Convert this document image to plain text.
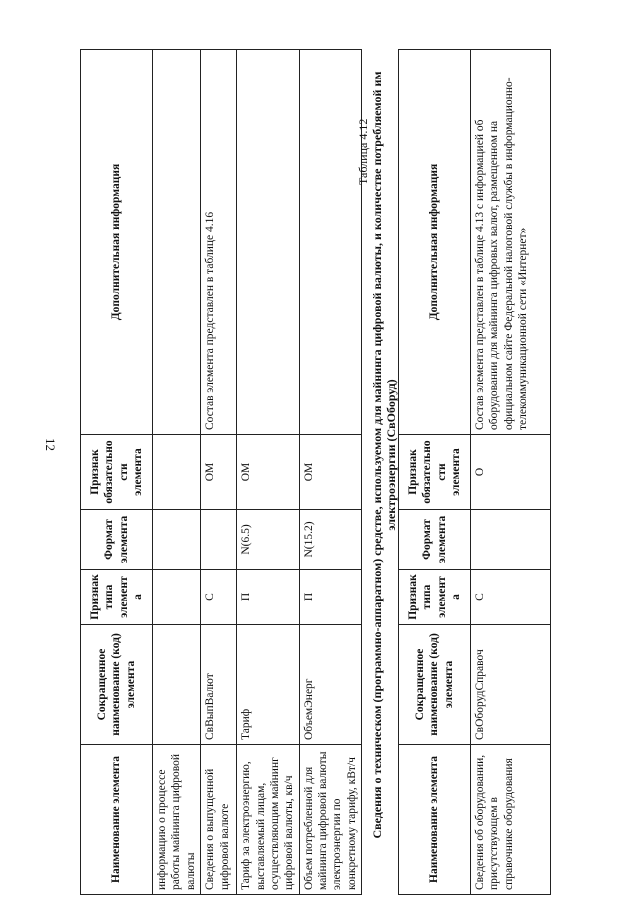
12
Наименование элемента	Сокращенное наименование (код) элемента	Признак типа элемента	Формат элемента	Признак обязательности элемента	Дополнительная информация
информацию о процессе работы майнинга цифровой валюты					
Сведения о выпущенной цифровой валюте	СвВыпВалют	С		ОМ	Состав элемента представлен в таблице 4.16
Тариф за электроэнергию, выставляемый лицам, осуществляющим майнинг цифровой валюты, кв/ч	Тариф	П	N(6.5)	ОМ	
Объем потребленной для майнинга цифровой валюты электроэнергии по конкретному тарифу, кВт/ч	ОбъемЭнерг	П	N(15.2)	ОМ	
Таблица 4.12 Сведения о техническом (программно-аппаратном) средстве, используемом для майнинга цифровой валюты, и количестве потребляемой им электроэнергии (СвОборуд)
Наименование элемента	Сокращенное наименование (код) элемента	Признак типа элемента	Формат элемента	Признак обязательности элемента	Дополнительная информация
Сведения об оборудовании, присутствующем в справочнике оборудования	СвОборудСправоч	С		О	Состав элемента представлен в таблице 4.13 с информацией об оборудовании для майнинга цифровых валют, размещенном на официальном сайте Федеральной налоговой службы в информационно-телекоммуникационной сети «Интернет»
